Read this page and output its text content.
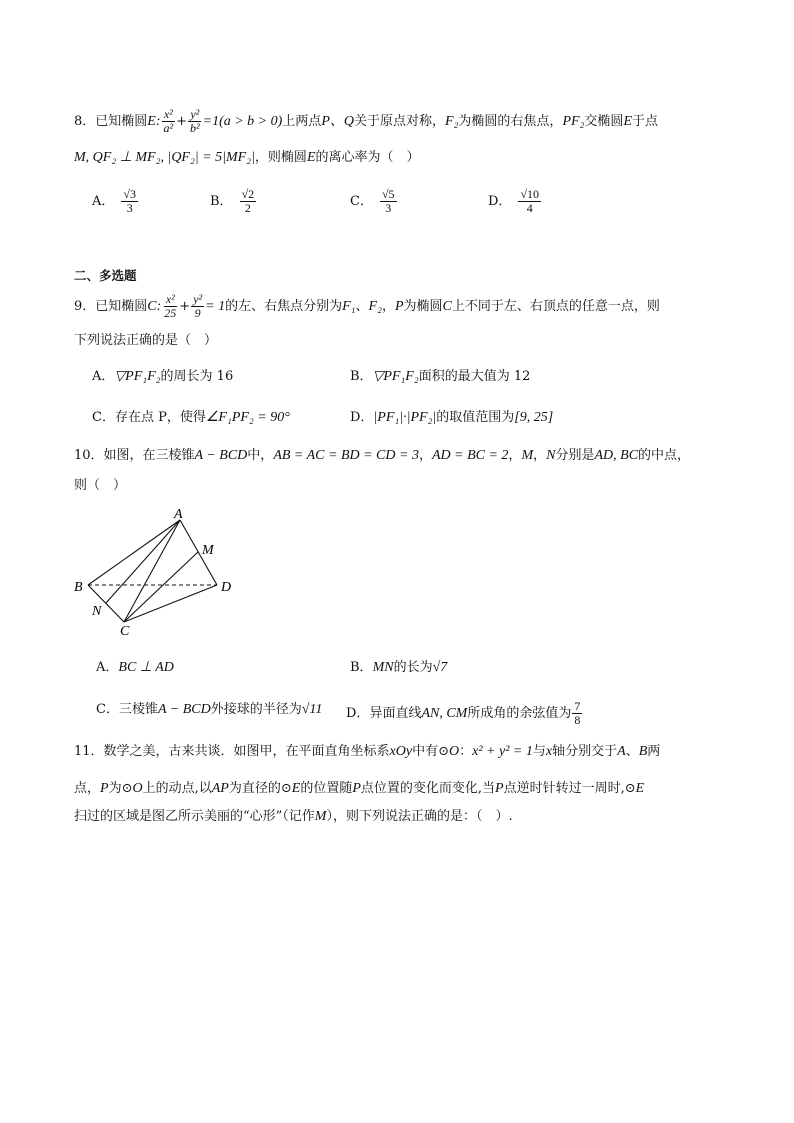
8．已知椭圆E: $\frac{\text{x²}}{\text{a²}} + \frac{\text{y²}}{\text{b²}} =1(a > b > 0)$上两点P、Q关于原点对称，F₂为椭圆的右焦点，PF₂交椭圆E于点
M, QF₂ ⊥ MF₂, |QF₂| = 5|MF₂|，则椭圆E的离心率为（　）
A． $\frac{√3}{3}$	B． $\frac{√2}{2}$	C． $\frac{√5}{3}$	D． $\frac{√10}{4}$
二、多选题
9．已知椭圆C: $\frac{\text{x²}}{25} + \frac{\text{y²}}{9} = 1$的左、右焦点分别为F₁、F₂，P为椭圆C上不同于左、右顶点的任意一点，则
下列说法正确的是（　）
A．▽PF₁F₂的周长为 16	B．▽PF₁F₂面积的最大值为 12
C．存在点 P，使得∠F₁PF₂ = 90°	D．|PF₁|·|PF₂|的取值范围为[9, 25]
10．如图，在三棱锥A − BCD中，AB = AC = BD = CD = 3，AD = BC = 2，M，N分别是AD, BC的中点，
则（　）
A
B
C
D
M
N
A．BC ⊥ AD	B．MN的长为√7
C．三棱锥A − BCD外接球的半径为√11 D．异面直线AN, CM所成角的余弦值为 $\frac{7}{8}$
11．数学之美，古来共谈．如图甲，在平面直角坐标系xOy中有⊙O：x² + y² = 1与x轴分别交于A、B两
点，P为⊙O上的动点,以AP为直径的⊙E的位置随P点位置的变化而变化,当P点逆时针转过一周时,⊙E
扫过的区域是图乙所示美丽的“心形”（记作M），则下列说法正确的是：（　）.
